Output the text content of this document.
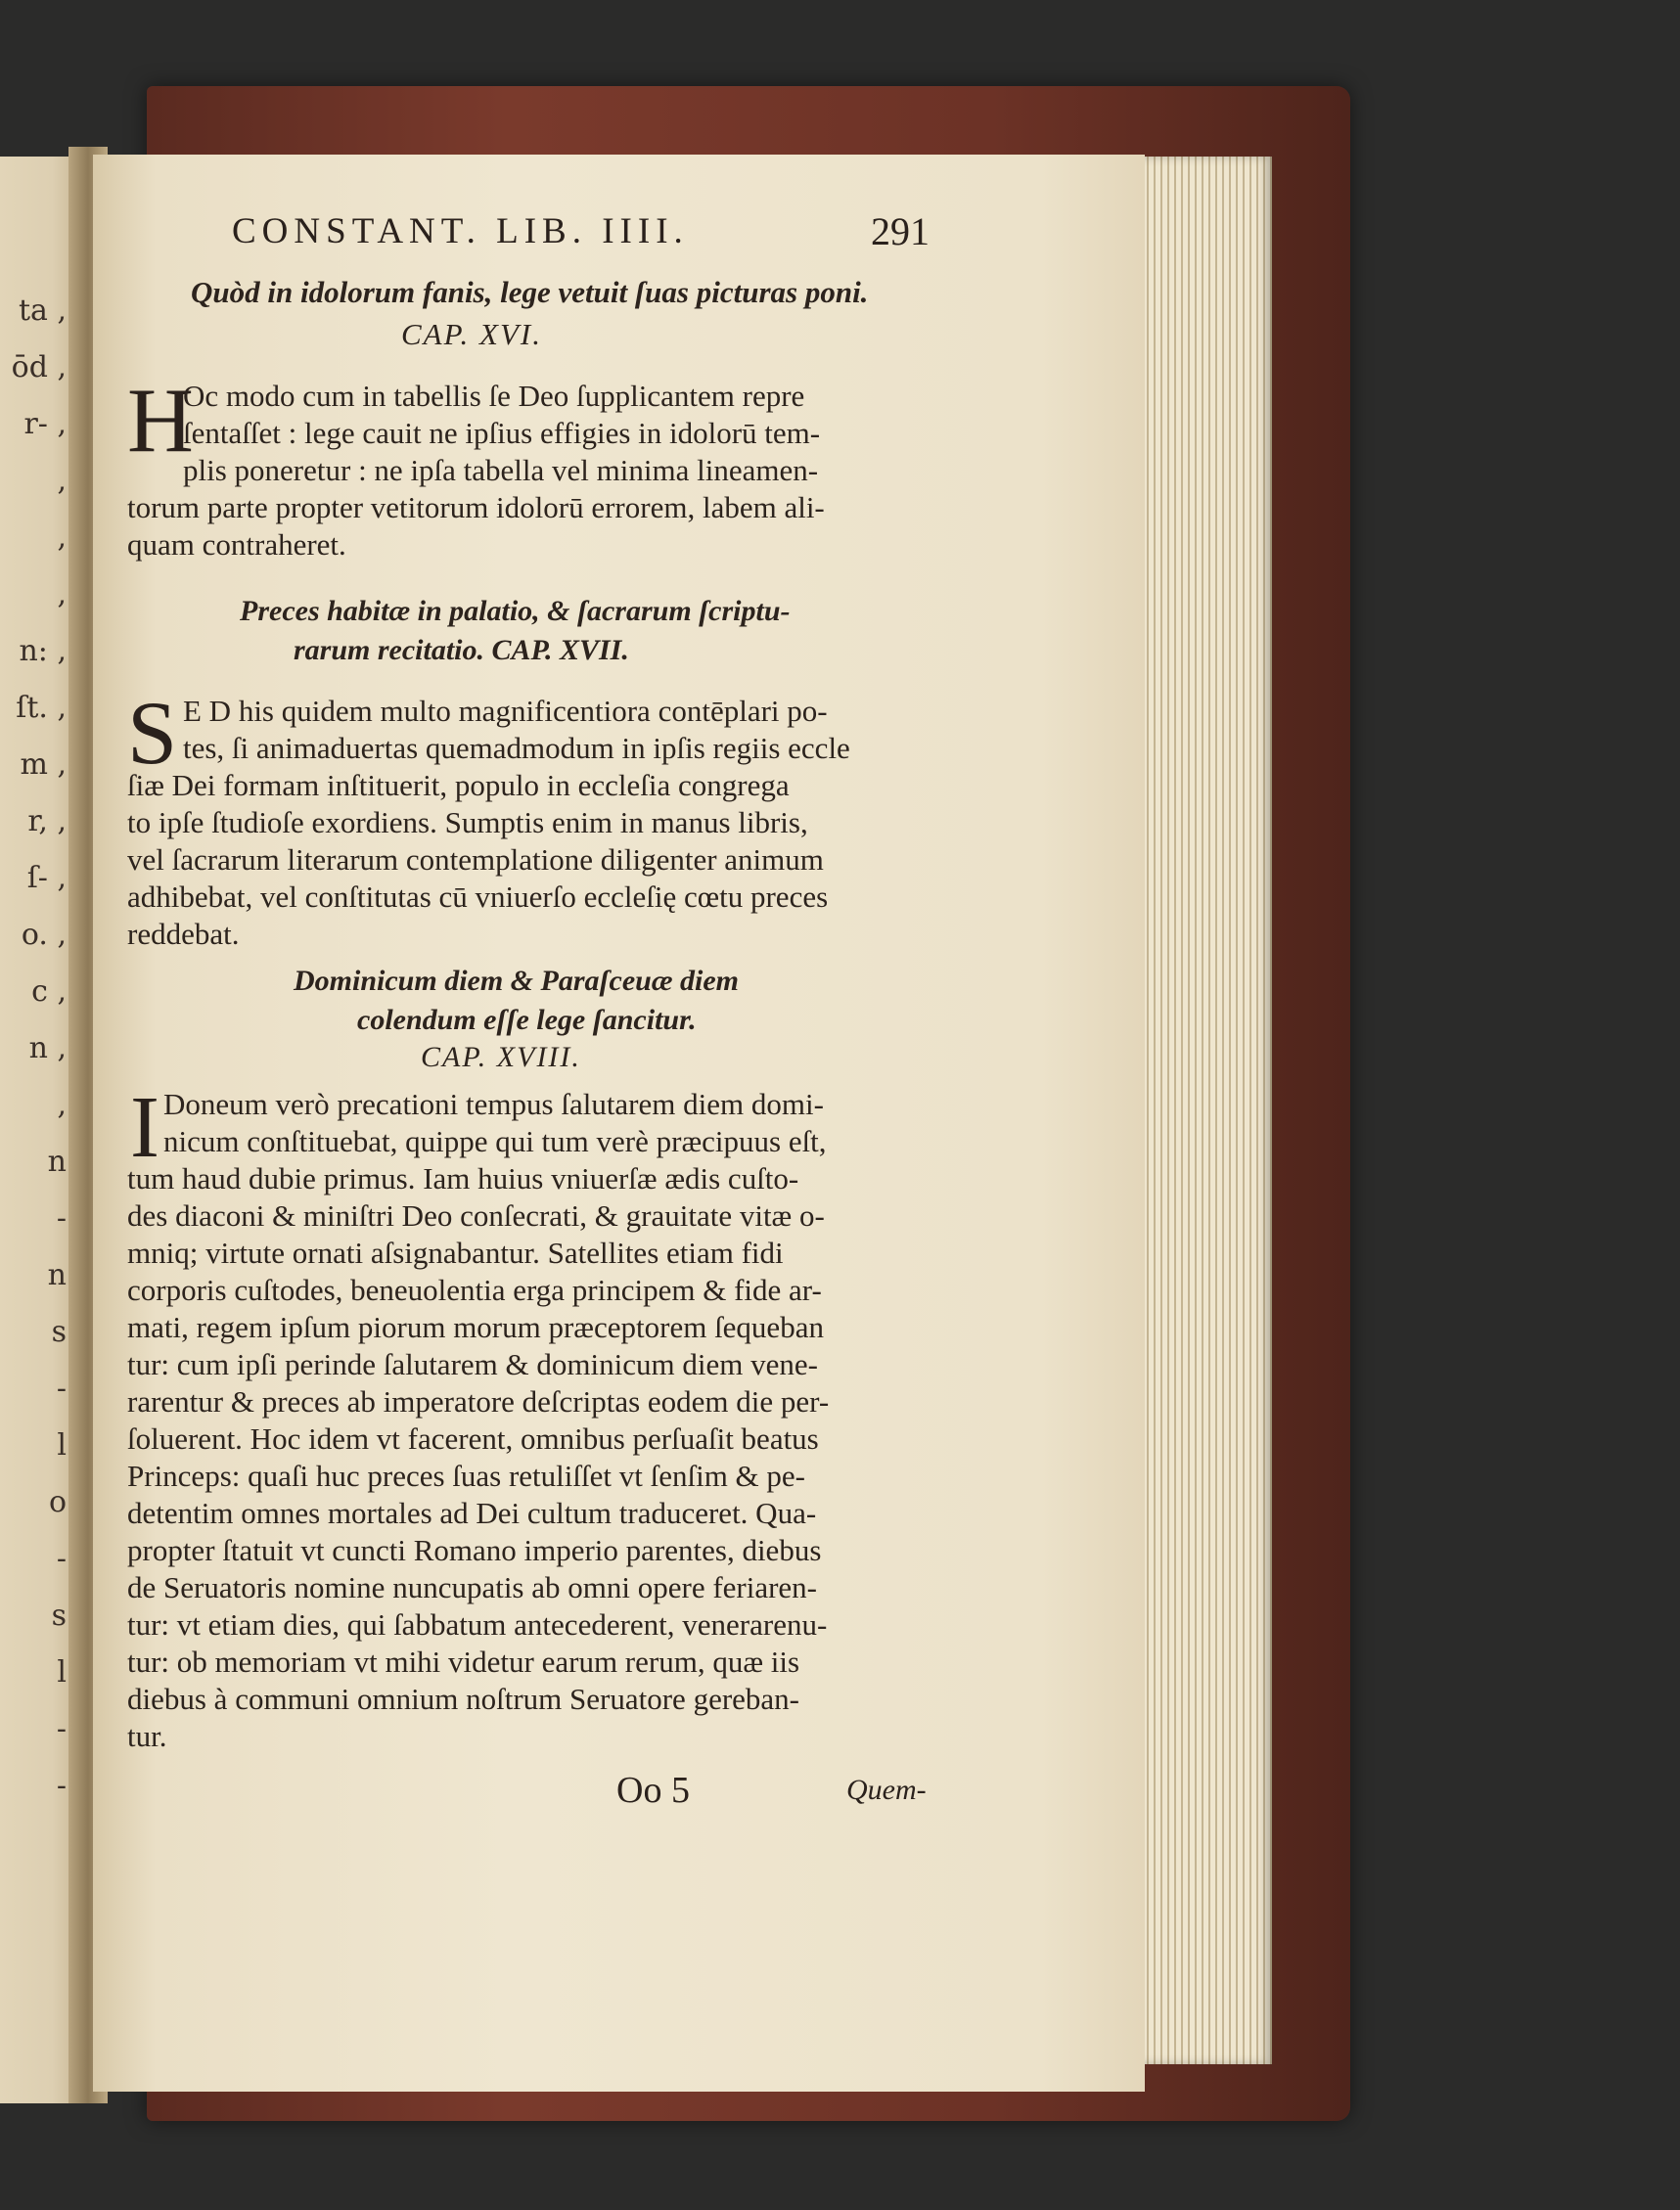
ta ,
ōd ,
r- ,
,
,
,
n: ,
ſt. ,
m ,
r, ,
ſ- ,
o. ,
c ,
n ,
,
n
-
n
s
-
l
o
-
s
l
-
-
CONSTANT. LIB. IIII.	291
Quòd in idolorum fanis, lege vetuit ſuas picturas poni.
CAP. XVI.
H
Oc modo cum in tabellis ſe Deo ſupplicantem repre
ſentaſſet : lege cauit ne ipſius effigies in idolorū tem-
plis poneretur : ne ipſa tabella vel minima lineamen-
torum parte propter vetitorum idolorū errorem, labem ali-
quam contraheret.
Preces habitæ in palatio, & ſacrarum ſcriptu-
rarum recitatio. CAP. XVII.
S E D his quidem multo magnificentiora contēplari po-
tes, ſi animaduertas quemadmodum in ipſis regiis eccle
ſiæ Dei formam inſtituerit, populo in eccleſia congrega
to ipſe ſtudioſe exordiens. Sumptis enim in manus libris,
vel ſacrarum literarum contemplatione diligenter animum
adhibebat, vel conſtitutas cū vniuerſo eccleſię cœtu preces
reddebat.
Dominicum diem & Paraſceuæ diem
colendum eſſe lege ſancitur.
CAP. XVIII.
I Doneum verò precationi tempus ſalutarem diem domi-
nicum conſtituebat, quippe qui tum verè præcipuus eſt,
tum haud dubie primus. Iam huius vniuerſæ ædis cuſto-
des diaconi & miniſtri Deo conſecrati, & grauitate vitæ o-
mniq; virtute ornati aſsignabantur. Satellites etiam fidi
corporis cuſtodes, beneuolentia erga principem & fide ar-
mati, regem ipſum piorum morum præceptorem ſequeban
tur: cum ipſi perinde ſalutarem & dominicum diem vene-
rarentur & preces ab imperatore deſcriptas eodem die per-
ſoluerent. Hoc idem vt facerent, omnibus perſuaſit beatus
Princeps: quaſi huc preces ſuas retuliſſet vt ſenſim & pe-
detentim omnes mortales ad Dei cultum traduceret. Qua-
propter ſtatuit vt cuncti Romano imperio parentes, diebus
de Seruatoris nomine nuncupatis ab omni opere feriaren-
tur: vt etiam dies, qui ſabbatum antecederent, venerarenu-
tur: ob memoriam vt mihi videtur earum rerum, quæ iis
diebus à communi omnium noſtrum Seruatore gereban-
tur.
Oo 5	Quem-
